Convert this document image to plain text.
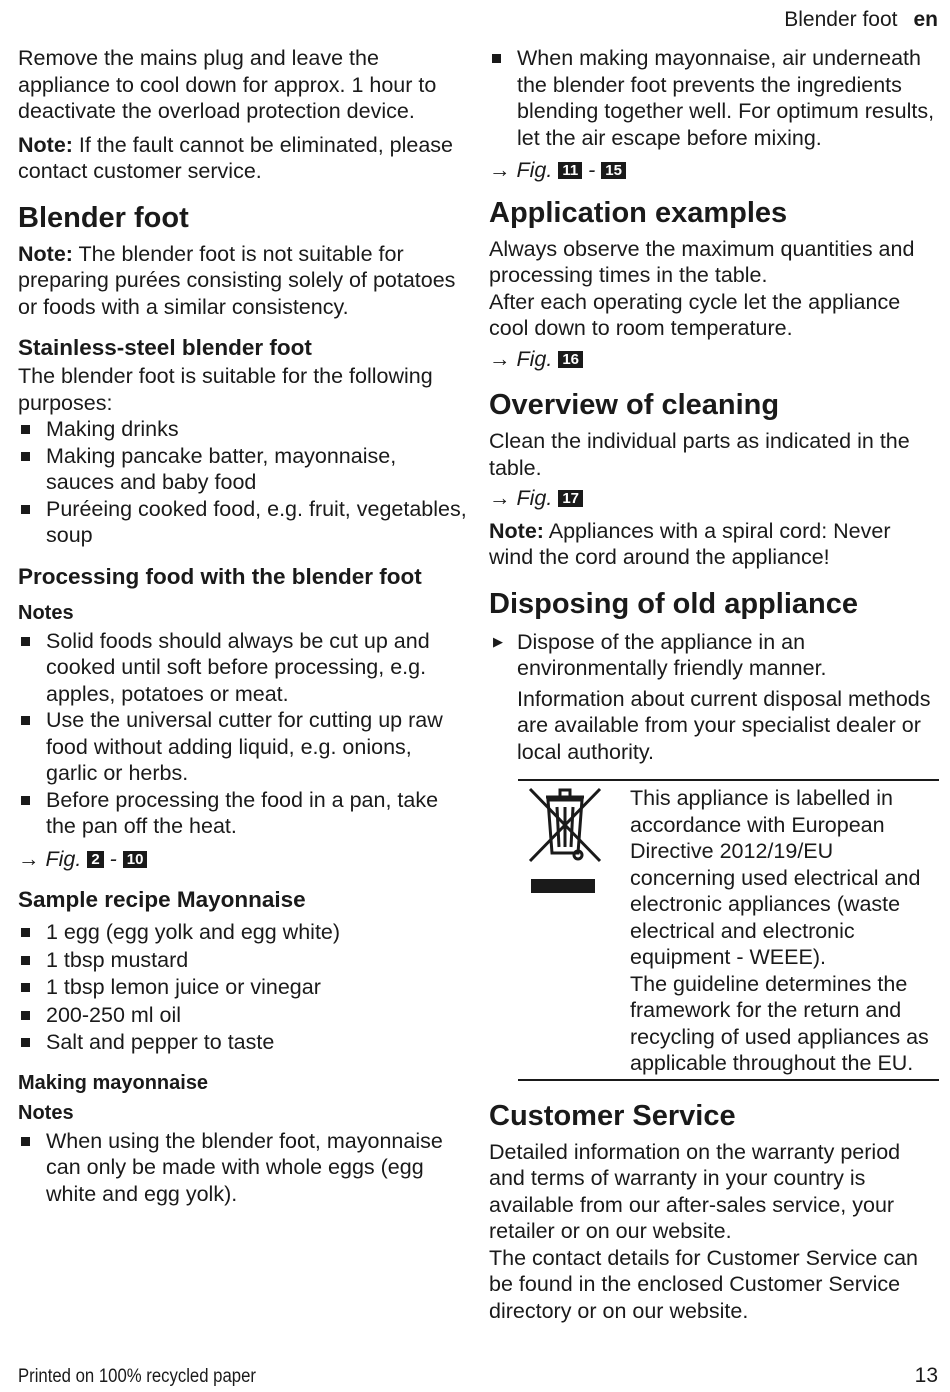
Blender foot en

Remove the mains plug and leave the appliance to cool down for approx. 1 hour to deactivate the overload protection device.

Note: If the fault cannot be eliminated, please contact customer service.

Blender foot

Note: The blender foot is not suitable for preparing purées consisting solely of potatoes or foods with a similar consistency.

Stainless-steel blender foot

The blender foot is suitable for the following purposes:

Making drinks
Making pancake batter, mayonnaise, sauces and baby food
Puréeing cooked food, e.g. fruit, vegetables, soup
Processing food with the blender foot
Notes
Solid foods should always be cut up and cooked until soft before processing, e.g. apples, potatoes or meat.
Use the universal cutter for cutting up raw food without adding liquid, e.g. onions, garlic or herbs.
Before processing the food in a pan, take the pan off the heat.
→ Fig. 2 - 10
Sample recipe Mayonnaise
1 egg (egg yolk and egg white)
1 tbsp mustard
1 tbsp lemon juice or vinegar
200-250 ml oil
Salt and pepper to taste
Making mayonnaise
Notes
When using the blender foot, mayonnaise can only be made with whole eggs (egg white and egg yolk).
When making mayonnaise, air underneath the blender foot prevents the ingredients blending together well. For optimum results, let the air escape before mixing.
→ Fig. 11 - 15
Application examples

Always observe the maximum quantities and processing times in the table.

After each operating cycle let the appliance cool down to room temperature.

→ Fig. 16
Overview of cleaning

Clean the individual parts as indicated in the table.

→ Fig. 17

Note: Appliances with a spiral cord: Never wind the cord around the appliance!

Disposing of old appliance
▶ Dispose of the appliance in an environmentally friendly manner.
Information about current disposal methods are available from your specialist dealer or local authority.
This appliance is labelled in accordance with European Directive 2012/19/EU concerning used electrical and electronic appliances (waste electrical and electronic equipment - WEEE).
The guideline determines the framework for the return and recycling of used appliances as applicable throughout the EU.
Customer Service

Detailed information on the warranty period and terms of warranty in your country is available from our after-sales service, your retailer or on our website.

The contact details for Customer Service can be found in the enclosed Customer Service directory or on our website.

Printed on 100% recycled paper	13
